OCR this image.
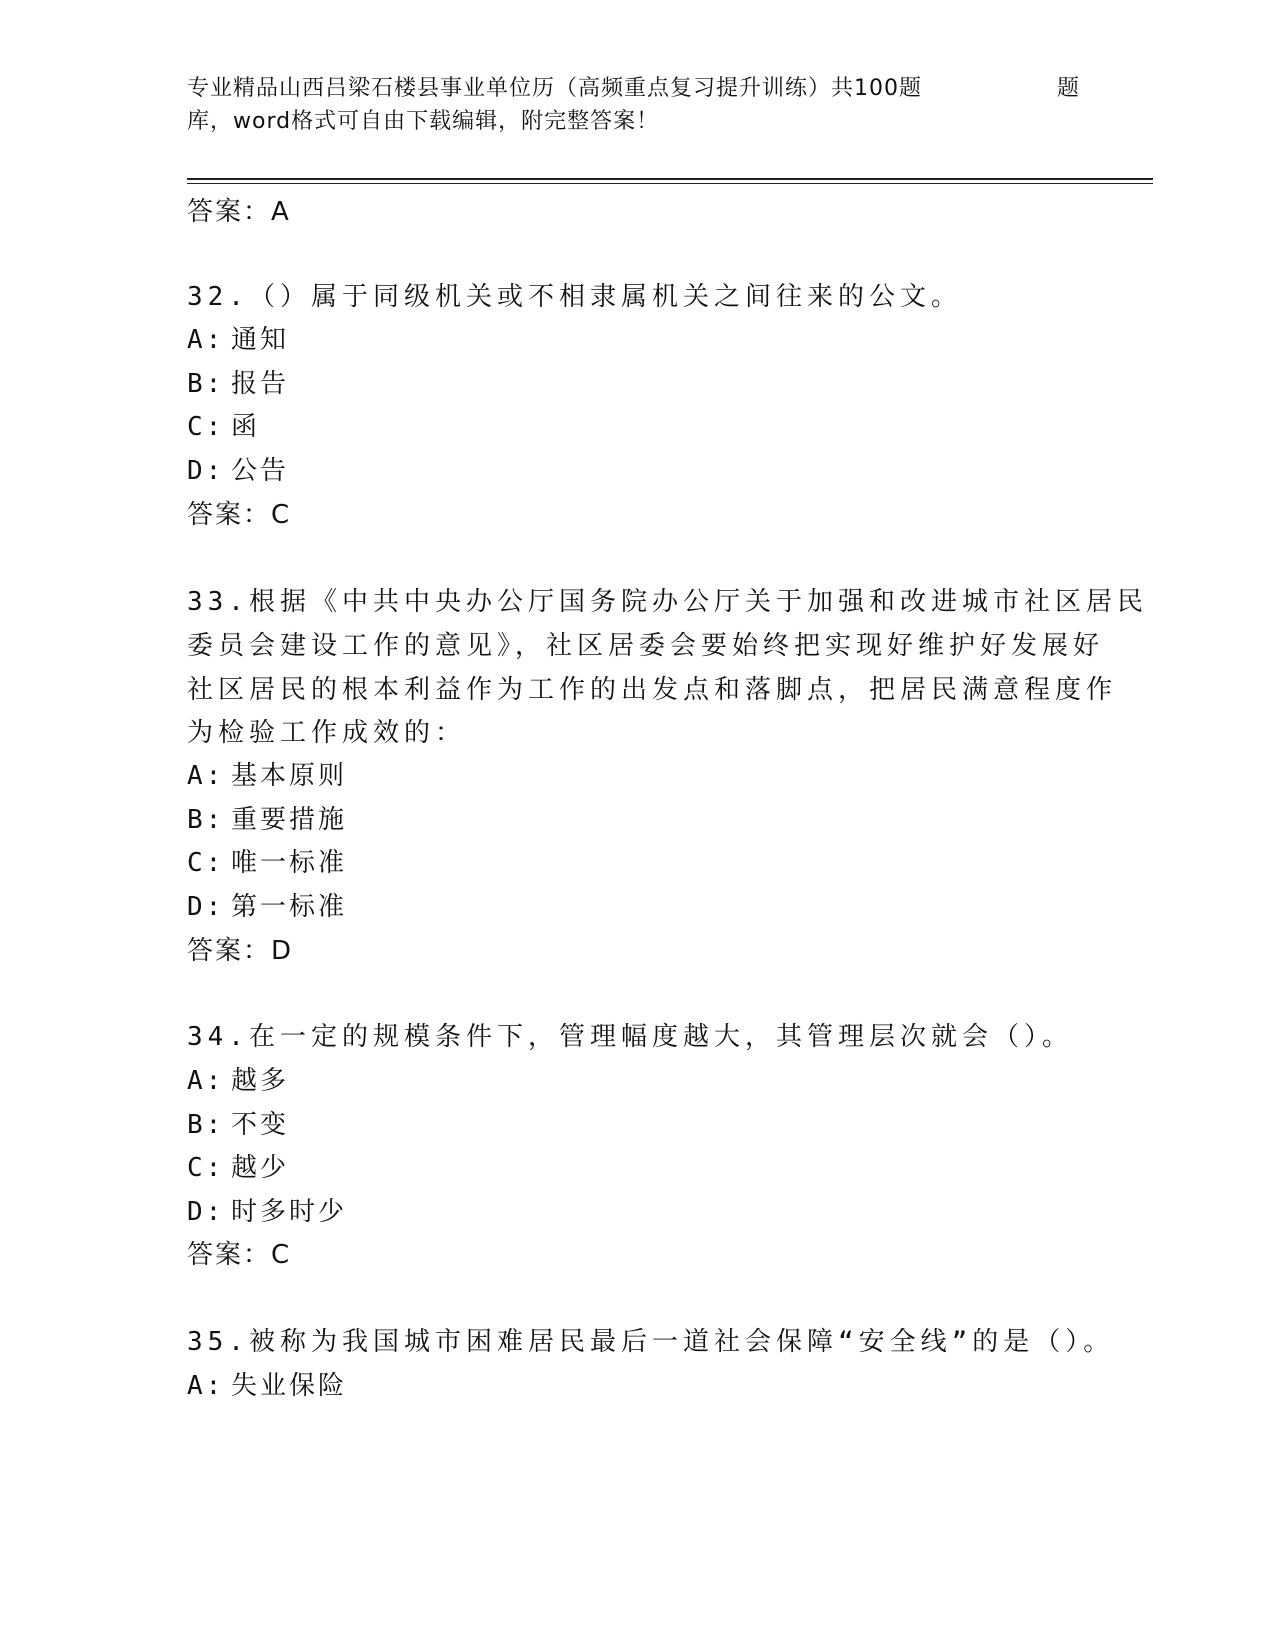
专业精品山西吕梁石楼县事业单位历（高频重点复习提升训练）共100题	题
库，word格式可自由下载编辑，附完整答案！
答案：A
32.（）属于同级机关或不相隶属机关之间往来的公文。
A: 通知
B: 报告
C: 函
D: 公告
答案：C
33.根据《中共中央办公厅国务院办公厅关于加强和改进城市社区居民
委员会建设工作的意见》，社区居委会要始终把实现好维护好发展好
社区居民的根本利益作为工作的出发点和落脚点，把居民满意程度作
为检验工作成效的：
A: 基本原则
B: 重要措施
C: 唯一标准
D: 第一标准
答案：D
34.在一定的规模条件下，管理幅度越大，其管理层次就会（）。
A: 越多
B: 不变
C: 越少
D: 时多时少
答案：C
35.被称为我国城市困难居民最后一道社会保障“安全线”的是（）。
A: 失业保险
